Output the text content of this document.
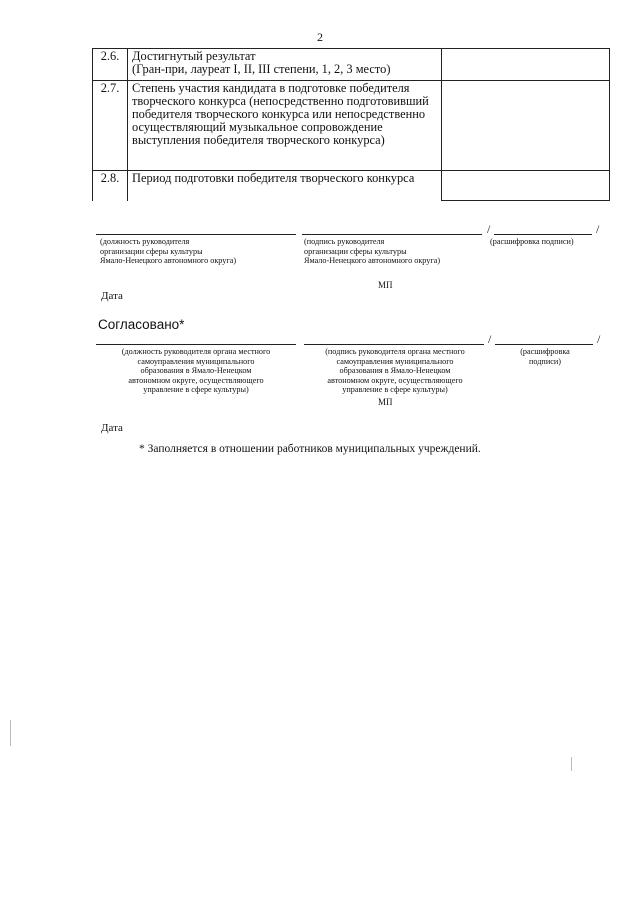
2
2.6.	Достигнутый результат
(Гран-при, лауреат I, II, III степени, 1, 2, 3 место)	
2.7.	Степень участия кандидата в подготовке победителя творческого конкурса (непосредственно подготовивший победителя творческого конкурса или непосредственно осуществляющий музыкальное сопровождение выступления победителя творческого конкурса)	
2.8.	Период подготовки победителя творческого конкурса	
/	/
(должность руководителя
организации сферы культуры
Ямало-Ненецкого автономного округа)
(подпись руководителя
организации сферы культуры
Ямало-Ненецкого автономного округа)
(расшифровка подписи)
МП
Дата
Согласовано*
/	/
(должность руководителя органа местного
самоуправления муниципального
образования в Ямало-Ненецком
автономном округе, осуществляющего
управление в сфере культуры)
(подпись руководителя органа местного
самоуправления муниципального
образования в Ямало-Ненецком
автономном округе, осуществляющего
управление в сфере культуры)
(расшифровка
подписи)
МП
Дата
* Заполняется в отношении работников муниципальных учреждений.
